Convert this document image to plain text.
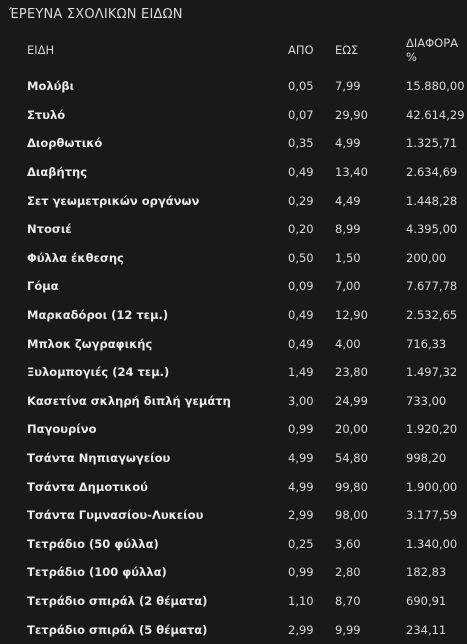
ΈΡΕΥΝΑ ΣΧΟΛΙΚΩΝ ΕΙΔΩΝ
ΕΙΔΗ	ΑΠΟ	ΕΩΣ	ΔΙΑΦΟΡΑ %

Μολύβι	0,05	7,99	15.880,00
Στυλό	0,07	29,90	42.614,29
Διορθωτικό	0,35	4,99	1.325,71
Διαβήτης	0,49	13,40	2.634,69
Σετ γεωμετρικών οργάνων	0,29	4,49	1.448,28
Ντοσιέ	0,20	8,99	4.395,00
Φύλλα έκθεσης	0,50	1,50	200,00
Γόμα	0,09	7,00	7.677,78
Μαρκαδόροι (12 τεμ.)	0,49	12,90	2.532,65
Μπλοκ ζωγραφικής	0,49	4,00	716,33
Ξυλομπογιές (24 τεμ.)	1,49	23,80	1.497,32
Κασετίνα σκληρή διπλή γεμάτη	3,00	24,99	733,00
Παγουρίνο	0,99	20,00	1.920,20
Τσάντα Νηπιαγωγείου	4,99	54,80	998,20
Τσάντα Δημοτικού	4,99	99,80	1.900,00
Τσάντα Γυμνασίου-Λυκείου	2,99	98,00	3.177,59
Τετράδιο (50 φύλλα)	0,25	3,60	1.340,00
Τετράδιο (100 φύλλα)	0,99	2,80	182,83
Τετράδιο σπιράλ (2 θέματα)	1,10	8,70	690,91
Τετράδιο σπιράλ (5 θέματα)	2,99	9,99	234,11
